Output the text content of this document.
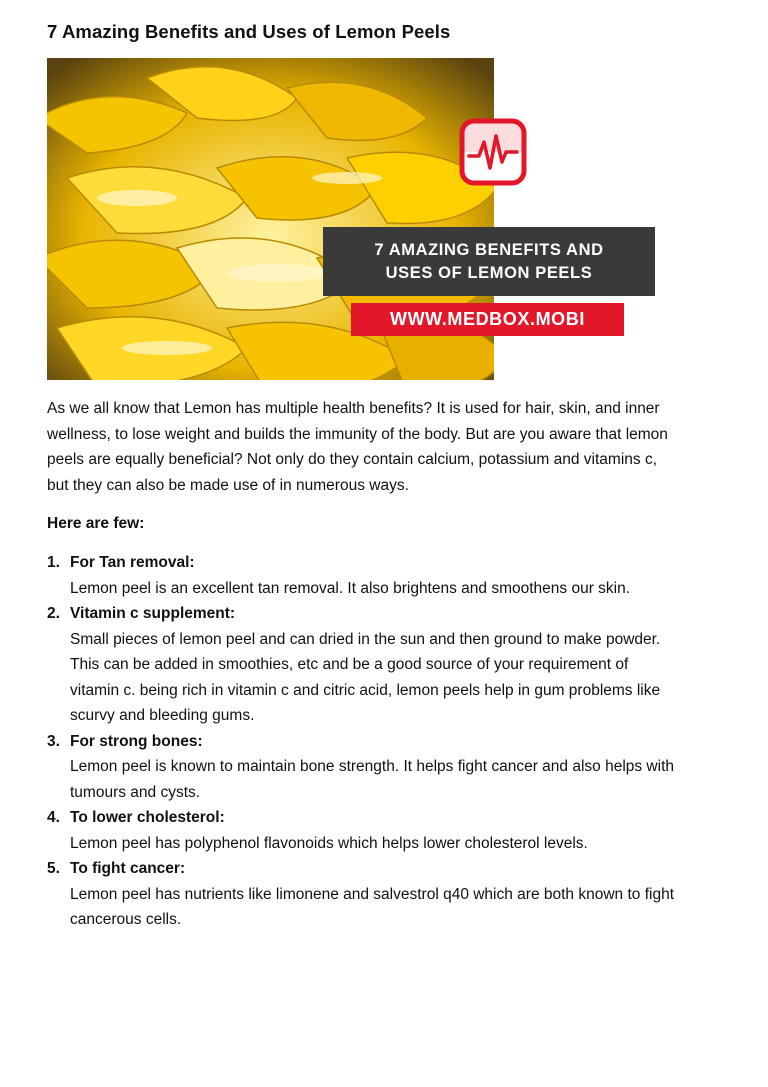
7 Amazing Benefits and Uses of Lemon Peels
7 AMAZING BENEFITS AND
USES OF LEMON PEELS
WWW.MEDBOX.MOBI

As we all know that Lemon has multiple health benefits? It is used for hair, skin, and inner wellness, to lose weight and builds the immunity of the body. But are you aware that lemon peels are equally beneficial? Not only do they contain calcium, potassium and vitamins c, but they can also be made use of in numerous ways.

Here are few:
1. For Tan removal:
Lemon peel is an excellent tan removal. It also brightens and smoothens our skin.
2. Vitamin c supplement:
Small pieces of lemon peel and can dried in the sun and then ground to make powder. This can be added in smoothies, etc and be a good source of your requirement of vitamin c. being rich in vitamin c and citric acid, lemon peels help in gum problems like scurvy and bleeding gums.
3. For strong bones:
Lemon peel is known to maintain bone strength. It helps fight cancer and also helps with tumours and cysts.
4. To lower cholesterol:
Lemon peel has polyphenol flavonoids which helps lower cholesterol levels.
5. To fight cancer:
Lemon peel has nutrients like limonene and salvestrol q40 which are both known to fight cancerous cells.
